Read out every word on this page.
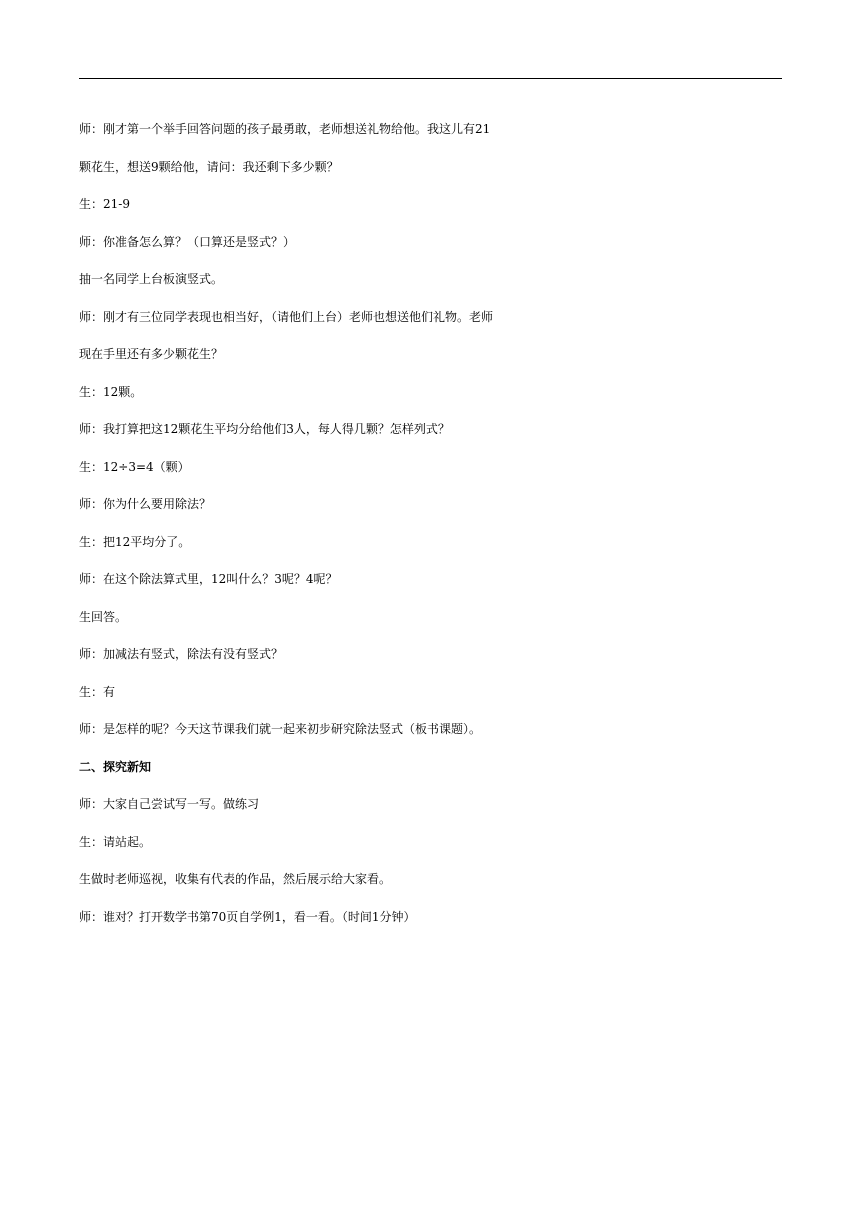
师：刚才第一个举手回答问题的孩子最勇敢，老师想送礼物给他。我这儿有21

颗花生，想送9颗给他，请问：我还剩下多少颗？

生：21-9

师：你准备怎么算？（口算还是竖式？）

抽一名同学上台板演竖式。

师：刚才有三位同学表现也相当好，（请他们上台）老师也想送他们礼物。老师

现在手里还有多少颗花生？

生：12颗。

师：我打算把这12颗花生平均分给他们3人，每人得几颗？怎样列式？

生：12÷3=4（颗）

师：你为什么要用除法？

生：把12平均分了。

师：在这个除法算式里，12叫什么？3呢？4呢？

生回答。

师：加减法有竖式，除法有没有竖式？

生：有

师：是怎样的呢？今天这节课我们就一起来初步研究除法竖式（板书课题）。

二、探究新知

师：大家自己尝试写一写。做练习

生：请站起。

生做时老师巡视，收集有代表的作品，然后展示给大家看。

师：谁对？打开数学书第70页自学例1，看一看。（时间1分钟）
